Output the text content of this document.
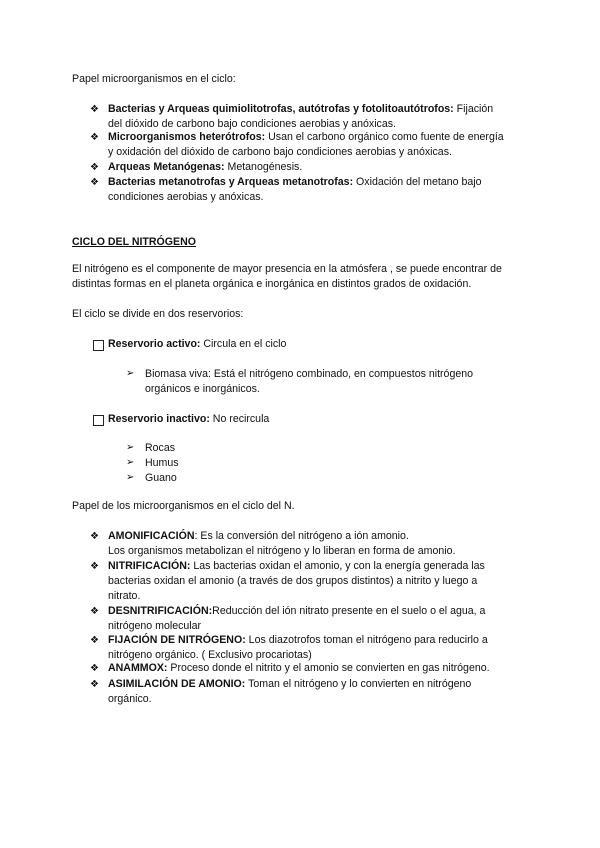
Papel microorganismos en el ciclo:
❖ Bacterias y Arqueas quimiolitotrofas, autótrofas y fotolitoautótrofos: Fijación
del dióxido de carbono bajo condiciones aerobias y anóxicas.
❖ Microorganismos heterótrofos: Usan el carbono orgánico como fuente de energía
y oxidación del dióxido de carbono bajo condiciones aerobias y anóxicas.
❖ Arqueas Metanógenas: Metanogénesis.
❖ Bacterias metanotrofas y Arqueas metanotrofas: Oxidación del metano bajo
condiciones aerobias y anóxicas.
CICLO DEL NITRÓGENO
El nitrógeno es el componente de mayor presencia en la atmósfera , se puede encontrar de
distintas formas en el planeta orgánica e inorgánica en distintos grados de oxidación.
El ciclo se divide en dos reservorios:
Reservorio activo: Circula en el ciclo
➢ Biomasa viva: Está el nitrógeno combinado, en compuestos nitrógeno
orgánicos e inorgánicos.
Reservorio inactivo: No recircula
➢ Rocas
➢ Humus
➢ Guano
Papel de los microorganismos en el ciclo del N.
❖ AMONIFICACIÓN: Es la conversión del nitrógeno a ión amonio.
Los organismos metabolizan el nitrógeno y lo liberan en forma de amonio.
❖ NITRIFICACIÓN: Las bacterias oxidan el amonio, y con la energía generada las
bacterias oxidan el amonio (a través de dos grupos distintos) a nitrito y luego a
nitrato.
❖ DESNITRIFICACIÓN:Reducción del ión nitrato presente en el suelo o el agua, a
nitrógeno molecular
❖ FIJACIÓN DE NITRÓGENO: Los diazotrofos toman el nitrógeno para reducirlo a
nitrógeno orgánico. ( Exclusivo procariotas)
❖ ANAMMOX: Proceso donde el nitrito y el amonio se convierten en gas nitrógeno.
❖ ASIMILACIÓN DE AMONIO: Toman el nitrógeno y lo convierten en nitrógeno
orgánico.
